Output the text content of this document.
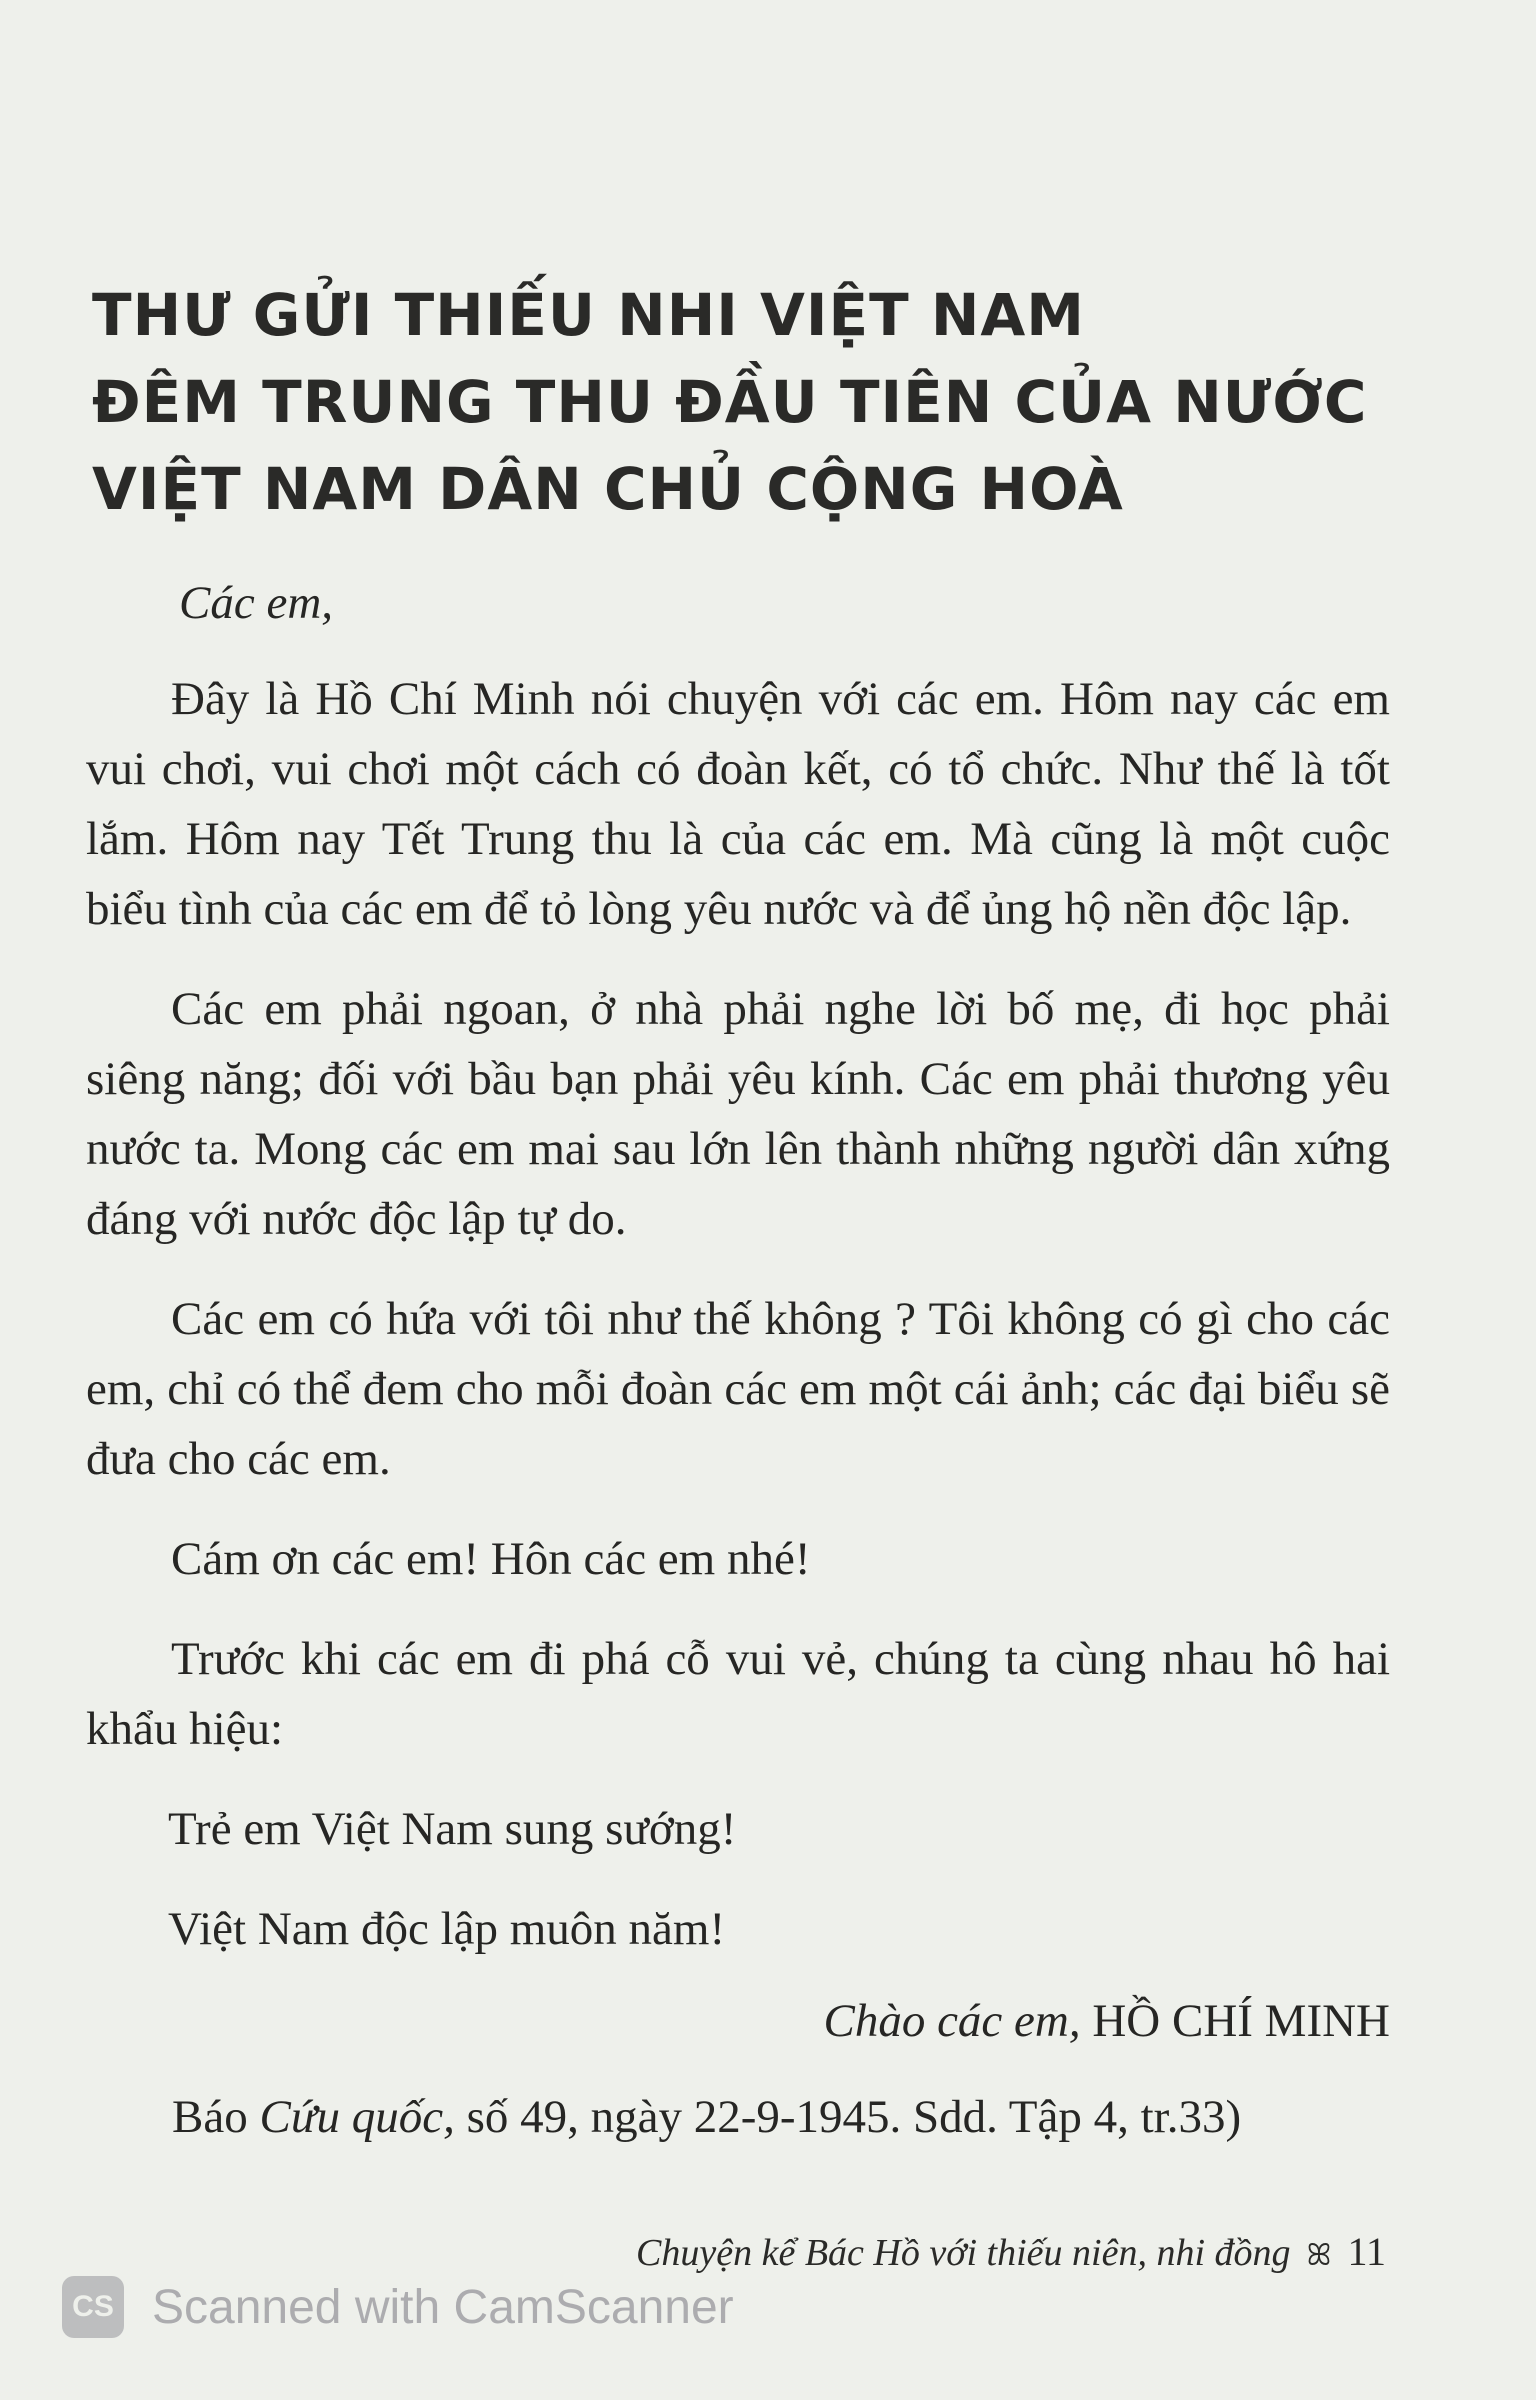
THƯ GỬI THIẾU NHI VIỆT NAM
ĐÊM TRUNG THU ĐẦU TIÊN CỦA NƯỚC
VIỆT NAM DÂN CHỦ CỘNG HOÀ

Các em,

Đây là Hồ Chí Minh nói chuyện với các em. Hôm nay các em vui chơi, vui chơi một cách có đoàn kết, có tổ chức. Như thế là tốt lắm. Hôm nay Tết Trung thu là của các em. Mà cũng là một cuộc biểu tình của các em để tỏ lòng yêu nước và để ủng hộ nền độc lập.

Các em phải ngoan, ở nhà phải nghe lời bố mẹ, đi học phải siêng năng; đối với bầu bạn phải yêu kính. Các em phải thương yêu nước ta. Mong các em mai sau lớn lên thành những người dân xứng đáng với nước độc lập tự do.

Các em có hứa với tôi như thế không ? Tôi không có gì cho các em, chỉ có thể đem cho mỗi đoàn các em một cái ảnh; các đại biểu sẽ đưa cho các em.

Cám ơn các em! Hôn các em nhé!

Trước khi các em đi phá cỗ vui vẻ, chúng ta cùng nhau hô hai khẩu hiệu:

Trẻ em Việt Nam sung sướng!

Việt Nam độc lập muôn năm!

Chào các em, HỒ CHÍ MINH

Báo Cứu quốc, số 49, ngày 22-9-1945. Sdd. Tập 4, tr.33)

Chuyện kể Bác Hồ với thiếu niên, nhi đồng ꕤ 11
CS Scanned with CamScanner
